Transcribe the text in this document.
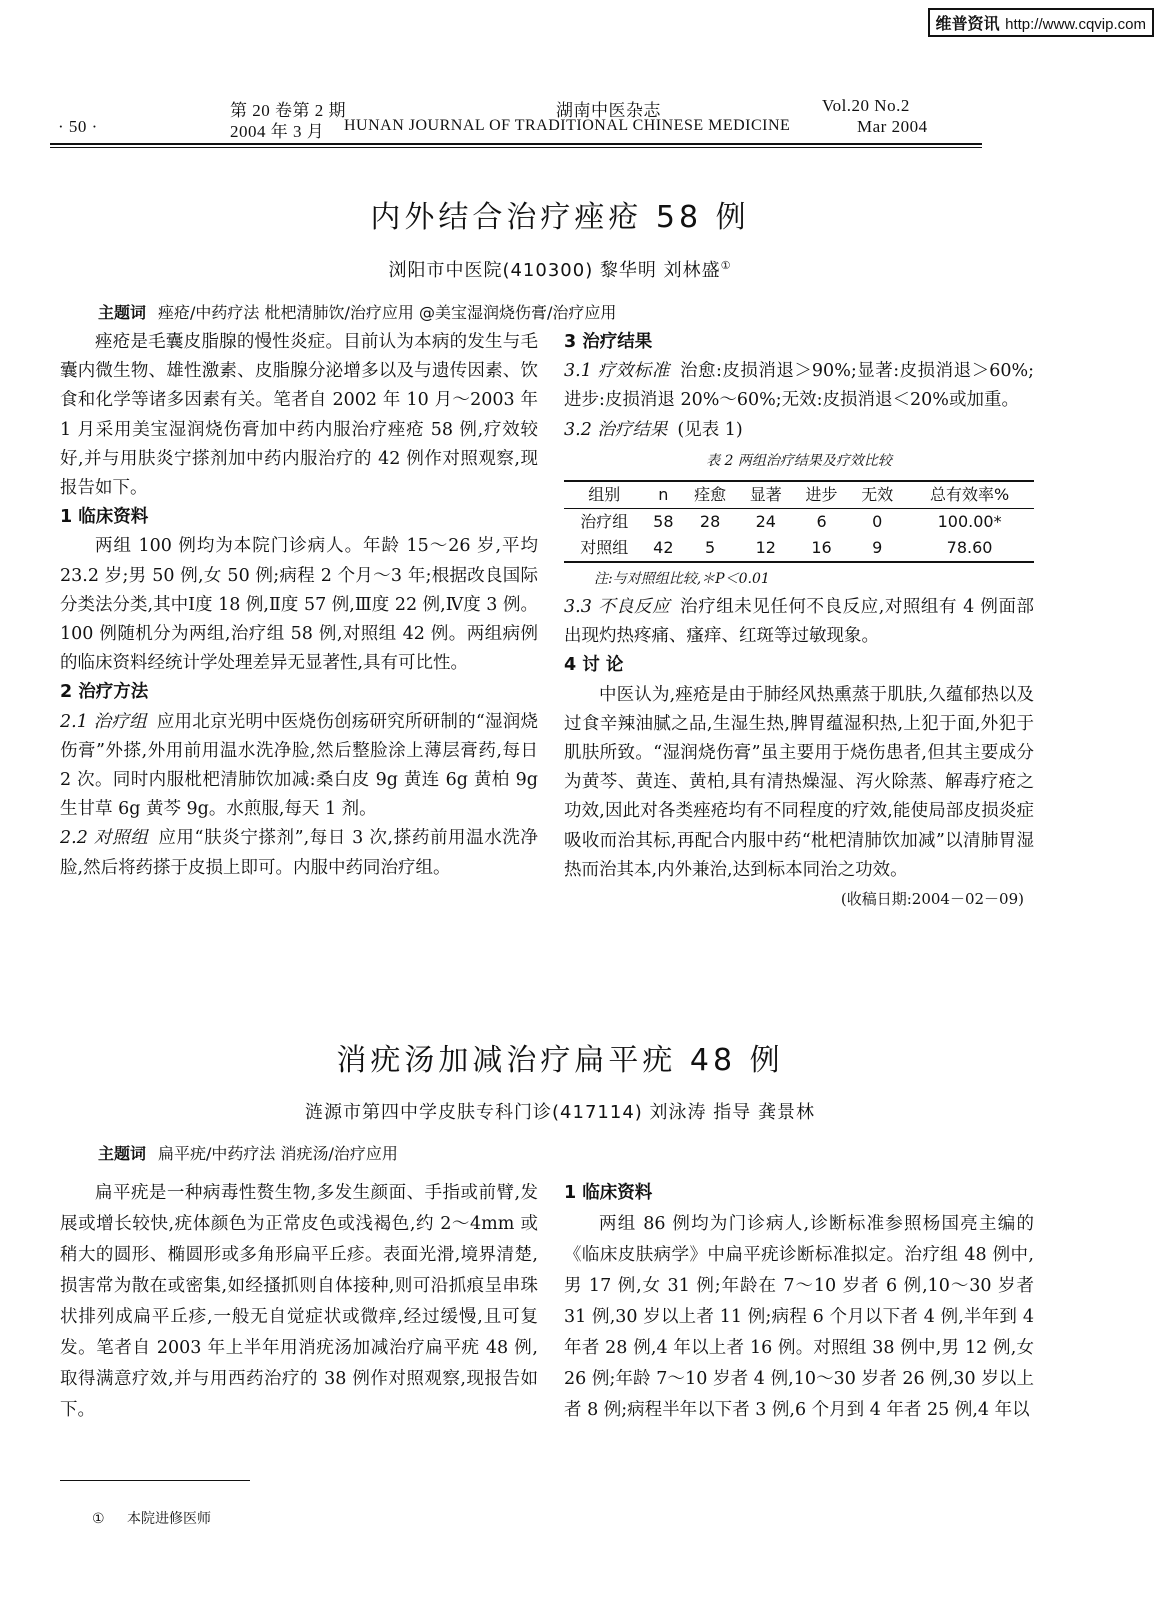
维普资讯 http://www.cqvip.com
第 20 卷第 2 期	湖南中医杂志	Vol.20 No.2
· 50 ·	2004 年 3 月 HUNAN JOURNAL OF TRADITIONAL CHINESE MEDICINE	Mar 2004
内外结合治疗痤疮 58 例
浏阳市中医院(410300) 黎华明 刘林盛①
主题词 痤疮/中药疗法 枇杷清肺饮/治疗应用 @美宝湿润烧伤膏/治疗应用

痤疮是毛囊皮脂腺的慢性炎症。目前认为本病的发生与毛囊内微生物、雄性激素、皮脂腺分泌增多以及与遗传因素、饮食和化学等诸多因素有关。笔者自 2002 年 10 月～2003 年 1 月采用美宝湿润烧伤膏加中药内服治疗痤疮 58 例,疗效较好,并与用肤炎宁搽剂加中药内服治疗的 42 例作对照观察,现报告如下。

1 临床资料

两组 100 例均为本院门诊病人。年龄 15～26 岁,平均 23.2 岁;男 50 例,女 50 例;病程 2 个月～3 年;根据改良国际分类法分类,其中Ⅰ度 18 例,Ⅱ度 57 例,Ⅲ度 22 例,Ⅳ度 3 例。100 例随机分为两组,治疗组 58 例,对照组 42 例。两组病例的临床资料经统计学处理差异无显著性,具有可比性。

2 治疗方法

2.1 治疗组 应用北京光明中医烧伤创疡研究所研制的“湿润烧伤膏”外搽,外用前用温水洗净脸,然后整脸涂上薄层膏药,每日 2 次。同时内服枇杷清肺饮加减:桑白皮 9g 黄连 6g 黄柏 9g 生甘草 6g 黄芩 9g。水煎服,每天 1 剂。

2.2 对照组 应用“肤炎宁搽剂”,每日 3 次,搽药前用温水洗净脸,然后将药搽于皮损上即可。内服中药同治疗组。

3 治疗结果

3.1 疗效标准 治愈:皮损消退＞90%;显著:皮损消退＞60%;进步:皮损消退 20%～60%;无效:皮损消退＜20%或加重。

3.2 治疗结果 (见表 1)

表 2 两组治疗结果及疗效比较
组别	n	痊愈	显著	进步	无效	总有效率%
治疗组	58	28	24	6	0	100.00*
对照组	42	5	12	16	9	78.60
注:与对照组比较,＊P＜0.01

3.3 不良反应 治疗组未见任何不良反应,对照组有 4 例面部出现灼热疼痛、瘙痒、红斑等过敏现象。

4 讨 论

中医认为,痤疮是由于肺经风热熏蒸于肌肤,久蕴郁热以及过食辛辣油腻之品,生湿生热,脾胃蕴湿积热,上犯于面,外犯于肌肤所致。“湿润烧伤膏”虽主要用于烧伤患者,但其主要成分为黄芩、黄连、黄柏,具有清热燥湿、泻火除蒸、解毒疗疮之功效,因此对各类痤疮均有不同程度的疗效,能使局部皮损炎症吸收而治其标,再配合内服中药“枇杷清肺饮加减”以清肺胃湿热而治其本,内外兼治,达到标本同治之功效。

(收稿日期:2004－02－09)
消疣汤加减治疗扁平疣 48 例
涟源市第四中学皮肤专科门诊(417114) 刘泳涛 指导 龚景林
主题词 扁平疣/中药疗法 消疣汤/治疗应用

扁平疣是一种病毒性赘生物,多发生颜面、手指或前臂,发展或增长较快,疣体颜色为正常皮色或浅褐色,约 2～4mm 或稍大的圆形、椭圆形或多角形扁平丘疹。表面光滑,境界清楚,损害常为散在或密集,如经搔抓则自体接种,则可沿抓痕呈串珠状排列成扁平丘疹,一般无自觉症状或微痒,经过缓慢,且可复发。笔者自 2003 年上半年用消疣汤加减治疗扁平疣 48 例,取得满意疗效,并与用西药治疗的 38 例作对照观察,现报告如下。

1 临床资料

两组 86 例均为门诊病人,诊断标准参照杨国亮主编的《临床皮肤病学》中扁平疣诊断标准拟定。治疗组 48 例中,男 17 例,女 31 例;年龄在 7～10 岁者 6 例,10～30 岁者 31 例,30 岁以上者 11 例;病程 6 个月以下者 4 例,半年到 4 年者 28 例,4 年以上者 16 例。对照组 38 例中,男 12 例,女 26 例;年龄 7～10 岁者 4 例,10～30 岁者 26 例,30 岁以上者 8 例;病程半年以下者 3 例,6 个月到 4 年者 25 例,4 年以

① 本院进修医师
